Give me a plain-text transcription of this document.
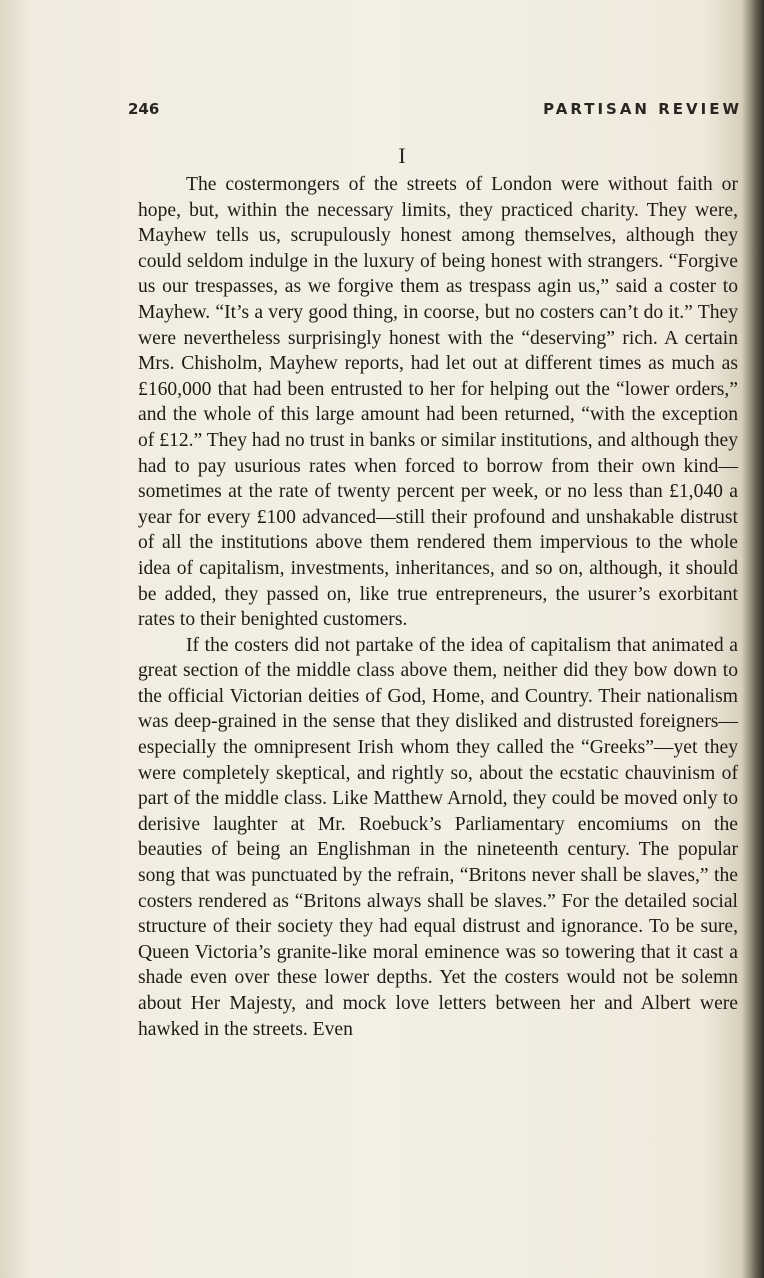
246	PARTISAN REVIEW
I

The costermongers of the streets of London were without faith or hope, but, within the necessary limits, they practiced charity. They were, Mayhew tells us, scrupulously honest among themselves, although they could seldom indulge in the luxury of being honest with strangers. “Forgive us our trespasses, as we forgive them as trespass agin us,” said a coster to Mayhew. “It’s a very good thing, in coorse, but no costers can’t do it.” They were nevertheless surprisingly honest with the “deserving” rich. A certain Mrs. Chisholm, Mayhew reports, had let out at different times as much as £160,000 that had been entrusted to her for helping out the “lower orders,” and the whole of this large amount had been returned, “with the exception of £12.” They had no trust in banks or similar institutions, and although they had to pay usurious rates when forced to borrow from their own kind—sometimes at the rate of twenty percent per week, or no less than £1,040 a year for every £100 advanced—still their profound and unshakable distrust of all the institutions above them rendered them impervious to the whole idea of capitalism, investments, inheritances, and so on, although, it should be added, they passed on, like true entrepreneurs, the usurer’s exorbitant rates to their benighted customers.

If the costers did not partake of the idea of capitalism that animated a great section of the middle class above them, neither did they bow down to the official Victorian deities of God, Home, and Country. Their nationalism was deep-grained in the sense that they disliked and distrusted foreigners—especially the omnipresent Irish whom they called the “Greeks”—yet they were completely skeptical, and rightly so, about the ecstatic chauvinism of part of the middle class. Like Matthew Arnold, they could be moved only to derisive laughter at Mr. Roebuck’s Parliamentary encomiums on the beauties of being an Englishman in the nineteenth century. The popular song that was punctuated by the refrain, “Britons never shall be slaves,” the costers rendered as “Britons always shall be slaves.” For the detailed social structure of their society they had equal distrust and ignorance. To be sure, Queen Victoria’s granite-like moral eminence was so towering that it cast a shade even over these lower depths. Yet the costers would not be solemn about Her Majesty, and mock love letters between her and Albert were hawked in the streets. Even
